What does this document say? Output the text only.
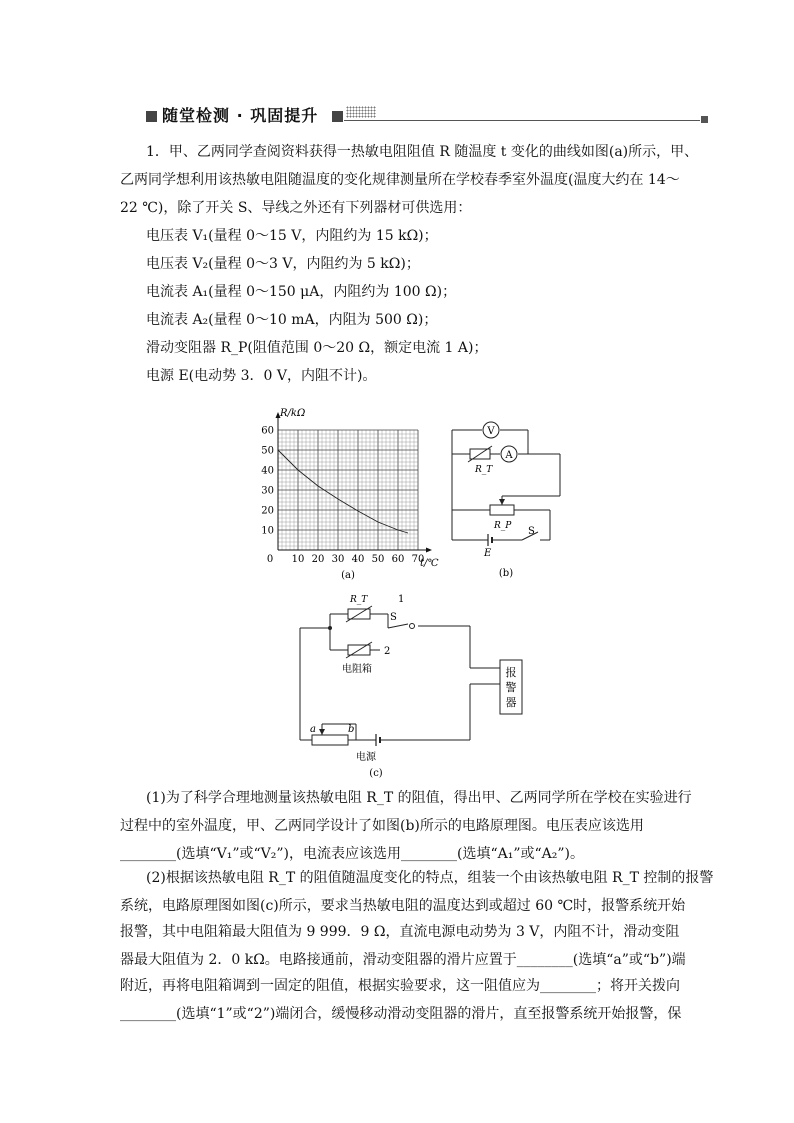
随堂检测 · 巩固提升
1．甲、乙两同学查阅资料获得一热敏电阻阻值 R 随温度 t 变化的曲线如图(a)所示，甲、
乙两同学想利用该热敏电阻随温度的变化规律测量所在学校春季室外温度(温度大约在 14～
22 ℃)，除了开关 S、导线之外还有下列器材可供选用：
电压表 V₁(量程 0～15 V，内阻约为 15 kΩ)；
电压表 V₂(量程 0～3 V，内阻约为 5 kΩ)；
电流表 A₁(量程 0～150 μA，内阻约为 100 Ω)；
电流表 A₂(量程 0～10 mA，内阻为 500 Ω)；
滑动变阻器 R_P(阻值范围 0～20 Ω，额定电流 1 A)；
电源 E(电动势 3．0 V，内阻不计)。
0 10 20 30 40 50 60 70
10
20
30
40
50
60
R/kΩ
t/℃
(a)
V
A
R_T
R_P S
E
(b)
报
警
器
R_T
S
1
2
电阻箱
a	b
电源
(c)
(1)为了科学合理地测量该热敏电阻 R_T 的阻值，得出甲、乙两同学所在学校在实验进行
过程中的室外温度，甲、乙两同学设计了如图(b)所示的电路原理图。电压表应该选用
________(选填“V₁”或“V₂”)，电流表应该选用________(选填“A₁”或“A₂”)。
(2)根据该热敏电阻 R_T 的阻值随温度变化的特点，组装一个由该热敏电阻 R_T 控制的报警
系统，电路原理图如图(c)所示，要求当热敏电阻的温度达到或超过 60 ℃时，报警系统开始
报警，其中电阻箱最大阻值为 9 999．9 Ω，直流电源电动势为 3 V，内阻不计，滑动变阻
器最大阻值为 2．0 kΩ。电路接通前，滑动变阻器的滑片应置于________(选填“a”或“b”)端
附近，再将电阻箱调到一固定的阻值，根据实验要求，这一阻值应为________；将开关拨向
________(选填“1”或“2”)端闭合，缓慢移动滑动变阻器的滑片，直至报警系统开始报警，保
